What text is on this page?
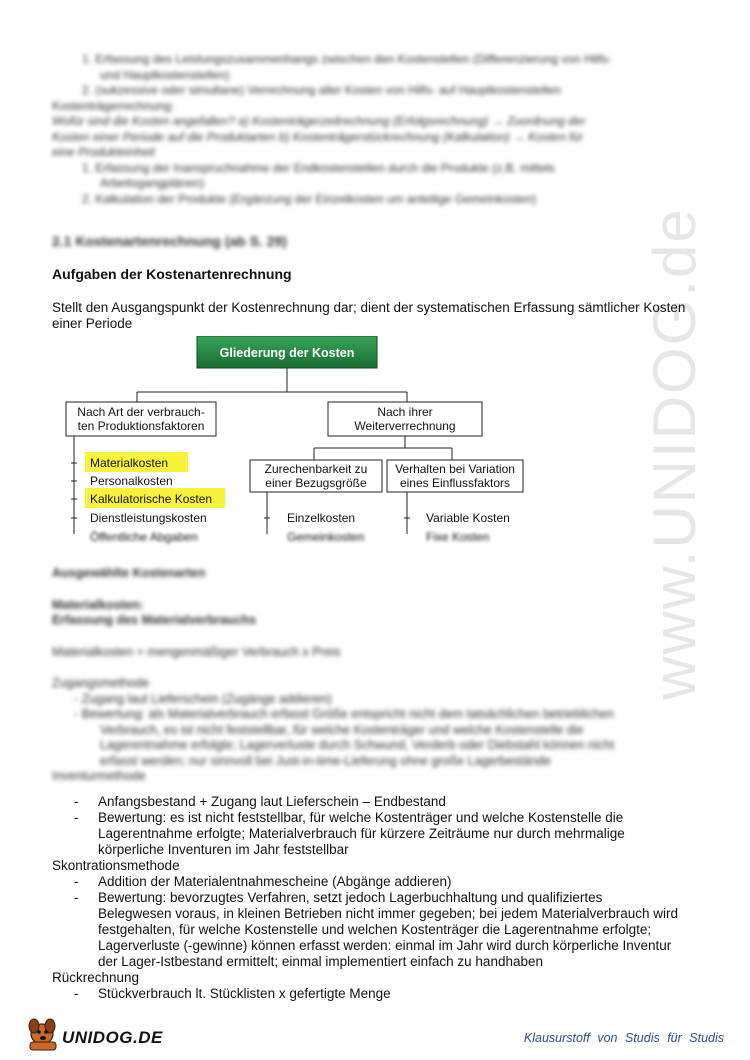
www.UNIDOG.de
1. Erfassung des Leistungszusammenhangs zwischen den Kostenstellen (Differenzierung von Hilfs-
und Hauptkostenstellen)
2. (sukzessive oder simultane) Verrechnung aller Kosten von Hilfs- auf Hauptkostenstellen
Kostenträgerrechnung:
Wofür sind die Kosten angefallen? a) Kostenträgerzeitrechnung (Erfolgsrechnung) → Zuordnung der
Kosten einer Periode auf die Produktarten b) Kostenträgerstückrechnung (Kalkulation) → Kosten für
eine Produkteinheit
1. Erfassung der Inanspruchnahme der Endkostenstellen durch die Produkte (z.B. mittels
Arbeitsgangplänen)
2. Kalkulation der Produkte (Ergänzung der Einzelkosten um anteilige Gemeinkosten)
2.1 Kostenartenrechnung (ab S. 29)
Aufgaben der Kostenartenrechnung
Stellt den Ausgangspunkt der Kostenrechnung dar; dient der systematischen Erfassung sämtlicher Kosten einer Periode
Gliederung der Kosten
Nach Art der verbrauch-
ten Produktionsfaktoren
Nach ihrer
Weiterverrechnung
Materialkosten
Personalkosten
Kalkulatorische Kosten
Dienstleistungskosten
Öffentliche Abgaben
Zurechenbarkeit zu
einer Bezugsgröße
Verhalten bei Variation
eines Einflussfaktors
Einzelkosten
Gemeinkosten
Variable Kosten
Fixe Kosten
Ausgewählte Kostenarten
Materialkosten:
Erfassung des Materialverbrauchs
Materialkosten = mengenmäßiger Verbrauch x Preis
Zugangsmethode
- Zugang laut Lieferschein (Zugänge addieren)
- Bewertung: als Materialverbrauch erfasst Größe entspricht nicht dem tatsächlichen betrieblichen
Verbrauch, es ist nicht feststellbar, für welche Kostenträger und welche Kostenstelle die
Lagerentnahme erfolgte; Lagerverluste durch Schwund, Verderb oder Diebstahl können nicht
erfasst werden; nur sinnvoll bei Just-in-time-Lieferung ohne große Lagerbestände
Inventurmethode
- Anfangsbestand + Zugang laut Lieferschein – Endbestand
- Bewertung: es ist nicht feststellbar, für welche Kostenträger und welche Kostenstelle die
Lagerentnahme erfolgte; Materialverbrauch für kürzere Zeiträume nur durch mehrmalige
körperliche Inventuren im Jahr feststellbar
Skontrationsmethode
- Addition der Materialentnahmescheine (Abgänge addieren)
- Bewertung: bevorzugtes Verfahren, setzt jedoch Lagerbuchhaltung und qualifiziertes
Belegwesen voraus, in kleinen Betrieben nicht immer gegeben; bei jedem Materialverbrauch wird
festgehalten, für welche Kostenstelle und welchen Kostenträger die Lagerentnahme erfolgte;
Lagerverluste (-gewinne) können erfasst werden: einmal im Jahr wird durch körperliche Inventur
der Lager-Istbestand ermittelt; einmal implementiert einfach zu handhaben
Rückrechnung
- Stückverbrauch lt. Stücklisten x gefertigte Menge
UNIDOG.DE	Klausurstoff von Studis für Studis
